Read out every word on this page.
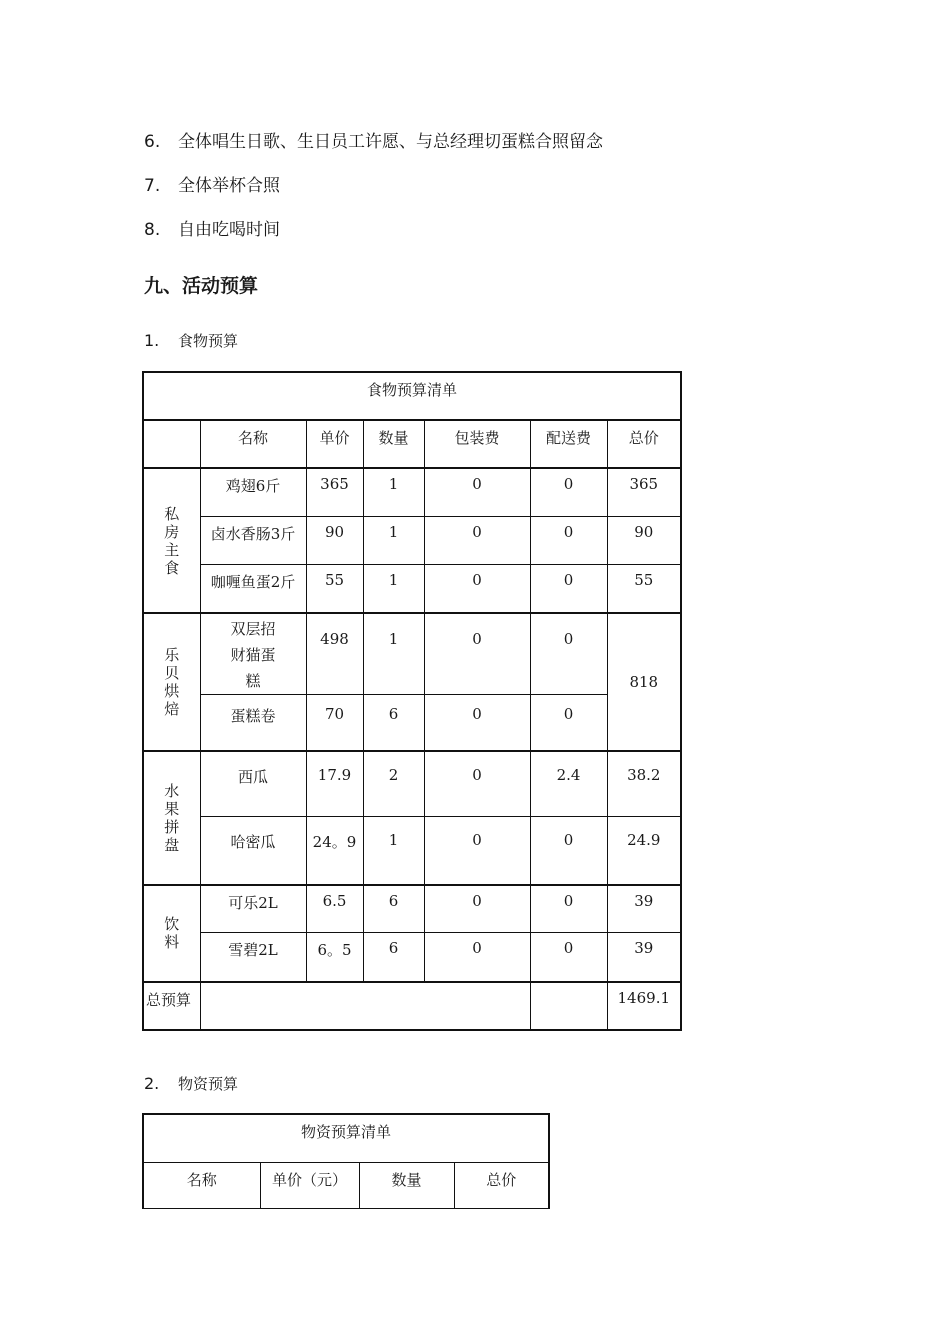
6. 全体唱生日歌、生日员工许愿、与总经理切蛋糕合照留念
7. 全体举杯合照
8. 自由吃喝时间
九、活动预算
1. 食物预算
食物预算清单						
	名称	单价	数量	包装费	配送费	总价

私房主食	鸡翅6斤	365	1	0	0	365
	卤水香肠3斤	90	1	0	0	90
	咖喱鱼蛋2斤	55	1	0	0	55

乐贝烘焙	双层招财猫蛋糕	498	1	0	0	818
	蛋糕卷	70	6	0	0	

水果拼盘	西瓜	17.9	2	0	2.4	38.2
	哈密瓜	24。9	1	0	0	24.9

饮料	可乐2L	6.5	6	0	0	39
	雪碧2L	6。5	6	0	0	39
总预算						1469.1
2. 物资预算
物资预算清单
名称	单价（元）	数量	总价
